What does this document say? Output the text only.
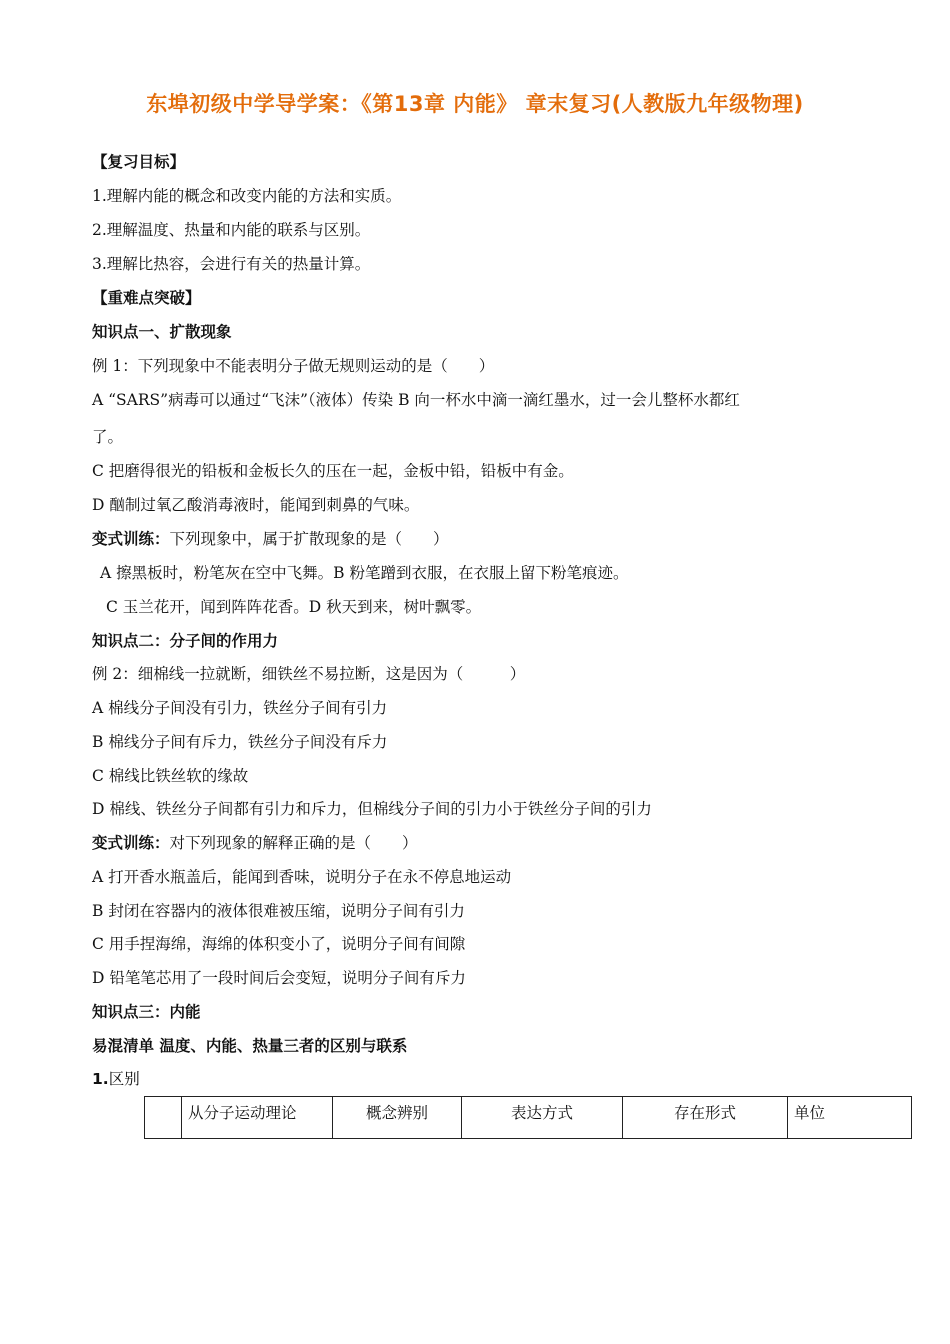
东埠初级中学导学案：《第13章 内能》 章末复习(人教版九年级物理)
【复习目标】
1.理解内能的概念和改变内能的方法和实质。
2.理解温度、热量和内能的联系与区别。
3.理解比热容，会进行有关的热量计算。
【重难点突破】
知识点一、扩散现象
例 1：下列现象中不能表明分子做无规则运动的是（　　）
A “SARS”病毒可以通过“飞沫”（液体）传染 B 向一杯水中滴一滴红墨水，过一会儿整杯水都红
了。
C 把磨得很光的铅板和金板长久的压在一起，金板中铅，铅板中有金。
D 酗制过氧乙酸消毒液时，能闻到刺鼻的气味。
变式训练：下列现象中，属于扩散现象的是（　　）
A 擦黑板时，粉笔灰在空中飞舞。B 粉笔蹭到衣服，在衣服上留下粉笔痕迹。
C 玉兰花开，闻到阵阵花香。D 秋天到来，树叶飘零。
知识点二：分子间的作用力
例 2：细棉线一拉就断，细铁丝不易拉断，这是因为（　　　）
A 棉线分子间没有引力，铁丝分子间有引力
B 棉线分子间有斥力，铁丝分子间没有斥力
C 棉线比铁丝软的缘故
D 棉线、铁丝分子间都有引力和斥力，但棉线分子间的引力小于铁丝分子间的引力
变式训练：对下列现象的解释正确的是（　　）
A 打开香水瓶盖后，能闻到香味，说明分子在永不停息地运动
B 封闭在容器内的液体很难被压缩，说明分子间有引力
C 用手捏海绵，海绵的体积变小了，说明分子间有间隙
D 铅笔笔芯用了一段时间后会变短，说明分子间有斥力
知识点三：内能
易混清单 温度、内能、热量三者的区别与联系
1.区别
	从分子运动理论	概念辨别	表达方式	存在形式	单位
